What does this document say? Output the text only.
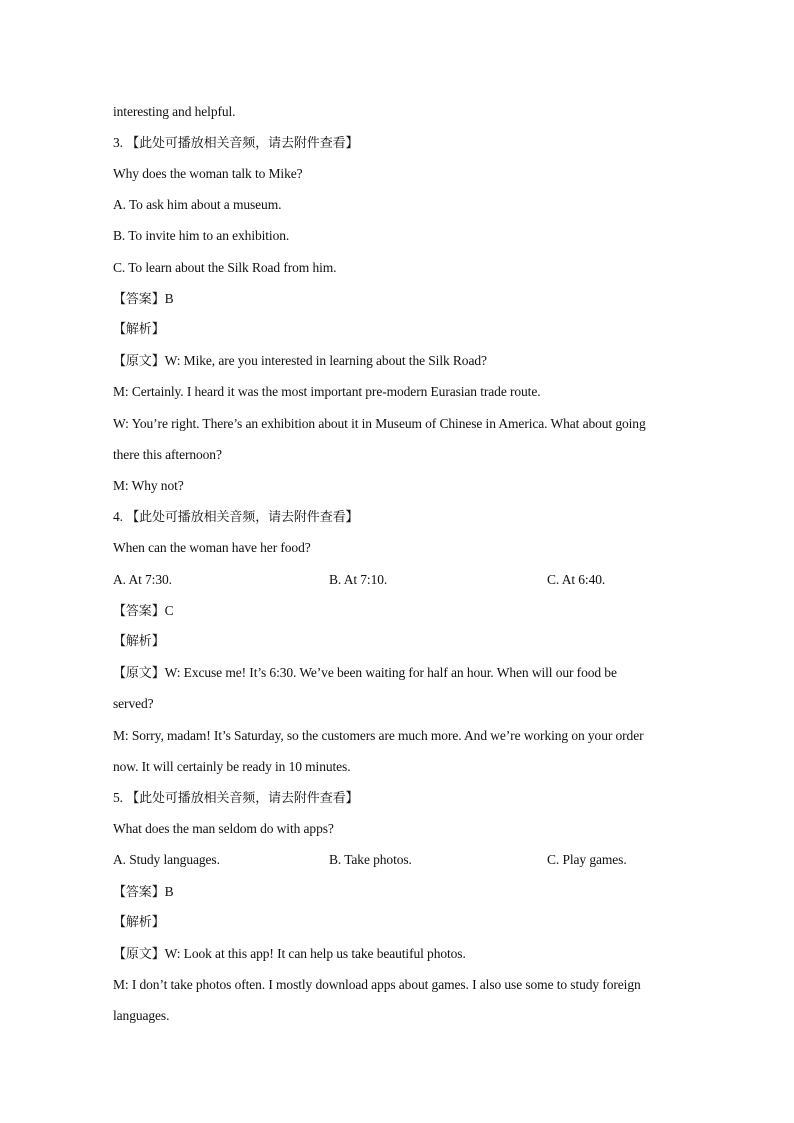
interesting and helpful.
3. 【此处可播放相关音频，请去附件查看】
Why does the woman talk to Mike?
A. To ask him about a museum.
B. To invite him to an exhibition.
C. To learn about the Silk Road from him.
【答案】B
【解析】
【原文】W: Mike, are you interested in learning about the Silk Road?
M: Certainly. I heard it was the most important pre-modern Eurasian trade route.
W: You’re right. There’s an exhibition about it in Museum of Chinese in America. What about going
there this afternoon?
M: Why not?
4. 【此处可播放相关音频，请去附件查看】
When can the woman have her food?
A. At 7:30.	B. At 7:10.	C. At 6:40.
【答案】C
【解析】
【原文】W: Excuse me! It’s 6:30. We’ve been waiting for half an hour. When will our food be
served?
M: Sorry, madam! It’s Saturday, so the customers are much more. And we’re working on your order
now. It will certainly be ready in 10 minutes.
5. 【此处可播放相关音频，请去附件查看】
What does the man seldom do with apps?
A. Study languages.	B. Take photos.	C. Play games.
【答案】B
【解析】
【原文】W: Look at this app! It can help us take beautiful photos.
M: I don’t take photos often. I mostly download apps about games. I also use some to study foreign
languages.
